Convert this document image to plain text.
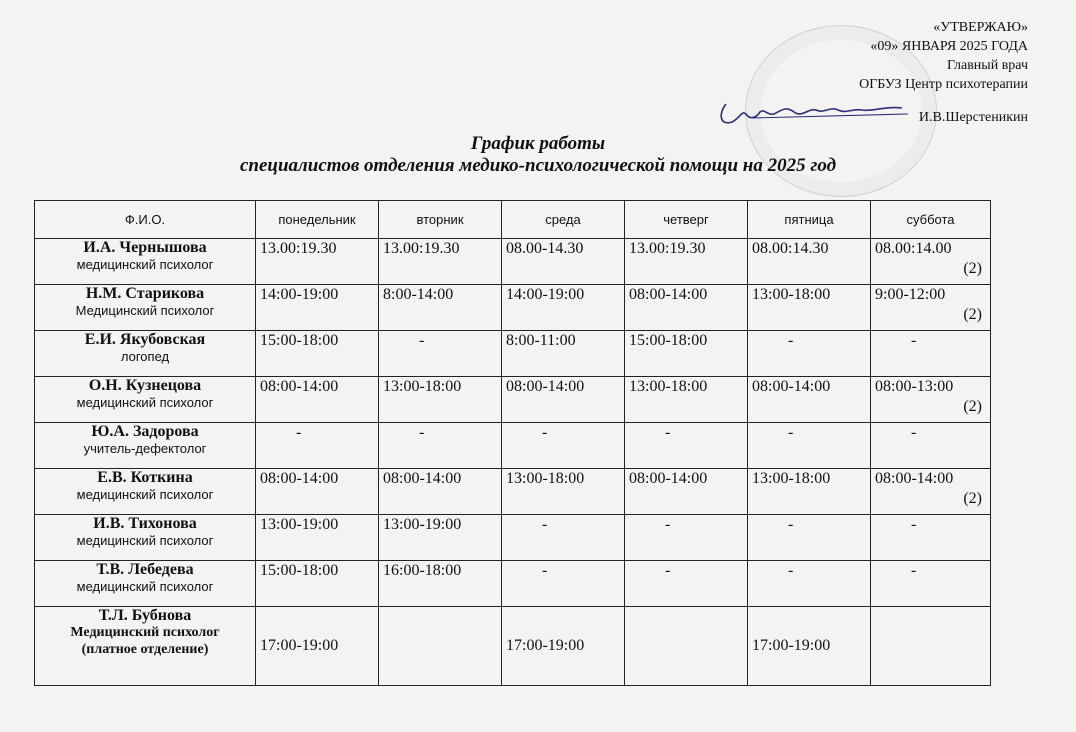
«УТВЕРЖАЮ»
«09» ЯНВАРЯ 2025 ГОДА
Главный врач
ОГБУЗ Центр психотерапии
И.В.Шерстеникин
График работы
специалистов отделения медико-психологической помощи на 2025 год
Ф.И.О.	понедельник	вторник	среда	четверг	пятница	суббота

И.А. Чернышова
медицинский психолог	13.00:19.30	13.00:19.30	08.00-14.30	13.00:19.30	08.00:14.30	08.00:14.00
(2)

Н.М. Старикова
Медицинский психолог	14:00-19:00	8:00-14:00	14:00-19:00	08:00-14:00	13:00-18:00	9:00-12:00
(2)

Е.И. Якубовская
логопед	15:00-18:00	-	8:00-11:00	15:00-18:00	-	-

О.Н. Кузнецова
медицинский психолог	08:00-14:00	13:00-18:00	08:00-14:00	13:00-18:00	08:00-14:00	08:00-13:00
(2)

Ю.А. Задорова
учитель-дефектолог	-	-	-	-	-	-

Е.В. Коткина
медицинский психолог	08:00-14:00	08:00-14:00	13:00-18:00	08:00-14:00	13:00-18:00	08:00-14:00
(2)

И.В. Тихонова
медицинский психолог	13:00-19:00	13:00-19:00	-	-	-	-

Т.В. Лебедева
медицинский психолог	15:00-18:00	16:00-18:00	-	-	-	-

Т.Л. Бубнова
Медицинский психолог
(платное отделение)	17:00-19:00		17:00-19:00		17:00-19:00	
